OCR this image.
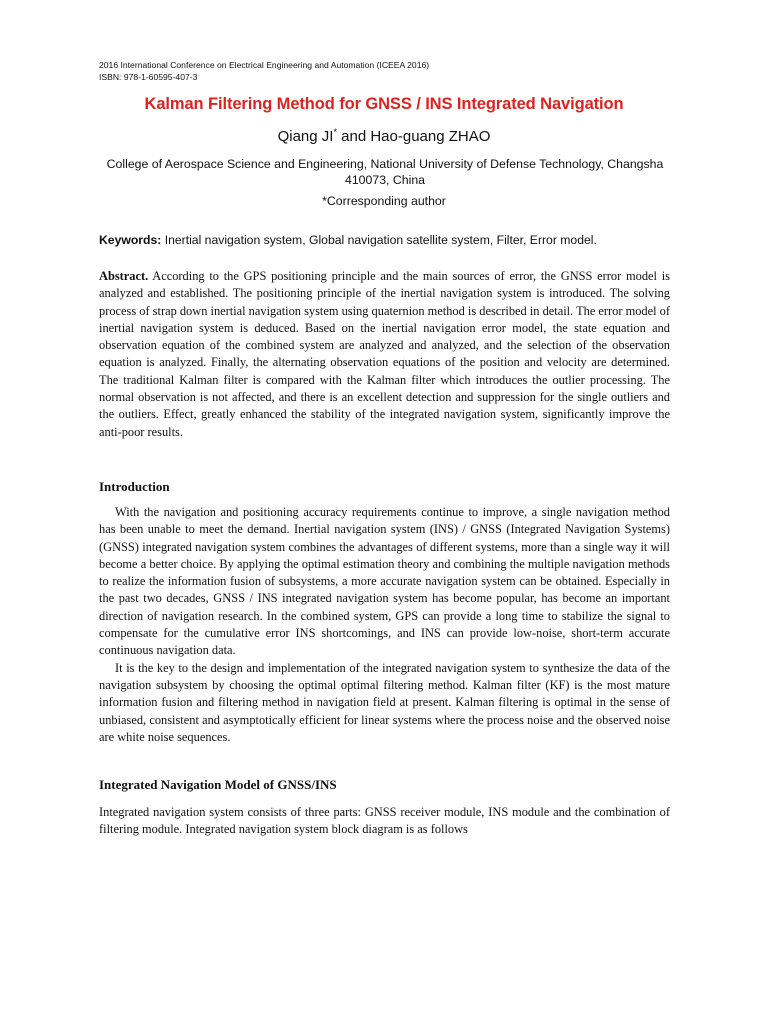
2016 International Conference on Electrical Engineering and Automation (ICEEA 2016)
ISBN: 978-1-60595-407-3
Kalman Filtering Method for GNSS / INS Integrated Navigation
Qiang JI* and Hao-guang ZHAO
College of Aerospace Science and Engineering, National University of Defense Technology, Changsha 410073, China
*Corresponding author
Keywords: Inertial navigation system, Global navigation satellite system, Filter, Error model.
Abstract. According to the GPS positioning principle and the main sources of error, the GNSS error model is analyzed and established. The positioning principle of the inertial navigation system is introduced. The solving process of strap down inertial navigation system using quaternion method is described in detail. The error model of inertial navigation system is deduced. Based on the inertial navigation error model, the state equation and observation equation of the combined system are analyzed and analyzed, and the selection of the observation equation is analyzed. Finally, the alternating observation equations of the position and velocity are determined. The traditional Kalman filter is compared with the Kalman filter which introduces the outlier processing. The normal observation is not affected, and there is an excellent detection and suppression for the single outliers and the outliers. Effect, greatly enhanced the stability of the integrated navigation system, significantly improve the anti-poor results.
Introduction

With the navigation and positioning accuracy requirements continue to improve, a single navigation method has been unable to meet the demand. Inertial navigation system (INS) / GNSS (Integrated Navigation Systems) (GNSS) integrated navigation system combines the advantages of different systems, more than a single way it will become a better choice. By applying the optimal estimation theory and combining the multiple navigation methods to realize the information fusion of subsystems, a more accurate navigation system can be obtained. Especially in the past two decades, GNSS / INS integrated navigation system has become popular, has become an important direction of navigation research. In the combined system, GPS can provide a long time to stabilize the signal to compensate for the cumulative error INS shortcomings, and INS can provide low-noise, short-term accurate continuous navigation data.

It is the key to the design and implementation of the integrated navigation system to synthesize the data of the navigation subsystem by choosing the optimal optimal filtering method. Kalman filter (KF) is the most mature information fusion and filtering method in navigation field at present. Kalman filtering is optimal in the sense of unbiased, consistent and asymptotically efficient for linear systems where the process noise and the observed noise are white noise sequences.

Integrated Navigation Model of GNSS/INS

Integrated navigation system consists of three parts: GNSS receiver module, INS module and the combination of filtering module. Integrated navigation system block diagram is as follows
